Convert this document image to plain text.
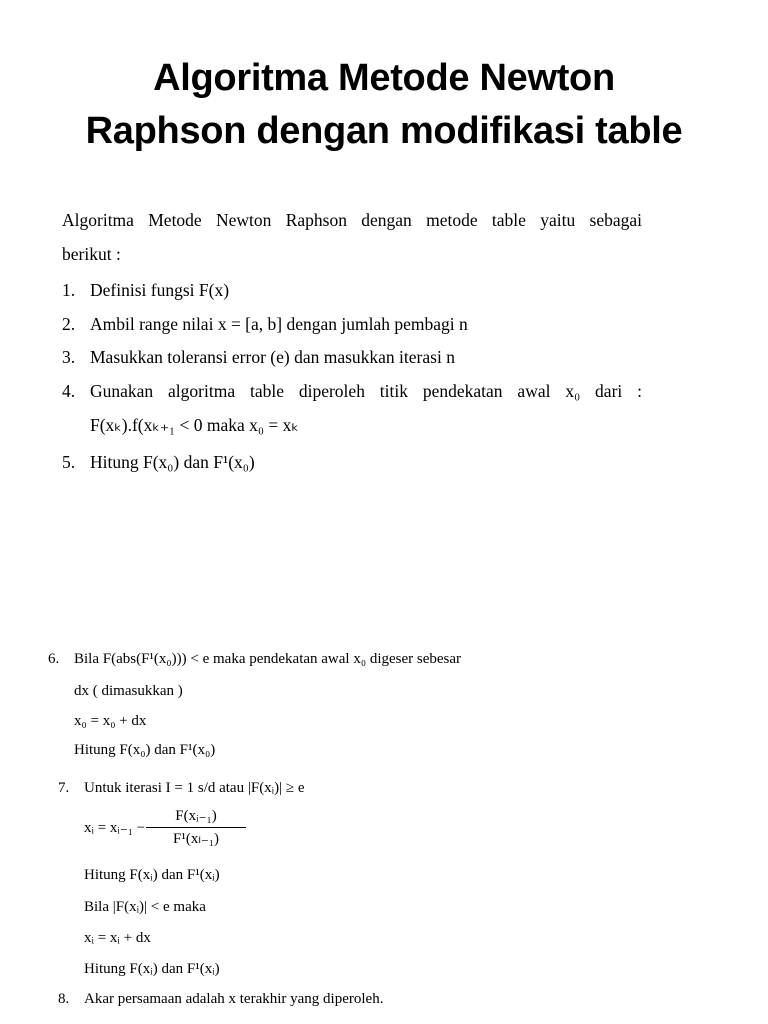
Algoritma Metode Newton
Raphson dengan modifikasi table
Algoritma Metode Newton Raphson dengan metode table yaitu sebagai
berikut :
1. Definisi fungsi F(x)
2. Ambil range nilai x = [a, b] dengan jumlah pembagi n
3. Masukkan toleransi error (e) dan masukkan iterasi n
4. Gunakan algoritma table diperoleh titik pendekatan awal x₀ dari :
F(xₖ).f(xₖ₊₁ < 0 maka x₀ = xₖ
5. Hitung F(x₀) dan F¹(x₀)
6. Bila F(abs(F¹(x₀))) < e maka pendekatan awal x₀ digeser sebesar
dx ( dimasukkan )
x₀ = x₀ + dx
Hitung F(x₀) dan F¹(x₀)
7. Untuk iterasi I = 1 s/d atau |F(xᵢ)| ≥ e
xᵢ = xᵢ₋₁ −
F(xᵢ₋₁)
F¹(xₗ₋₁)
Hitung F(xᵢ) dan F¹(xᵢ)
Bila |F(xᵢ)| < e maka
xᵢ = xᵢ + dx
Hitung F(xᵢ) dan F¹(xᵢ)
8. Akar persamaan adalah x terakhir yang diperoleh.
